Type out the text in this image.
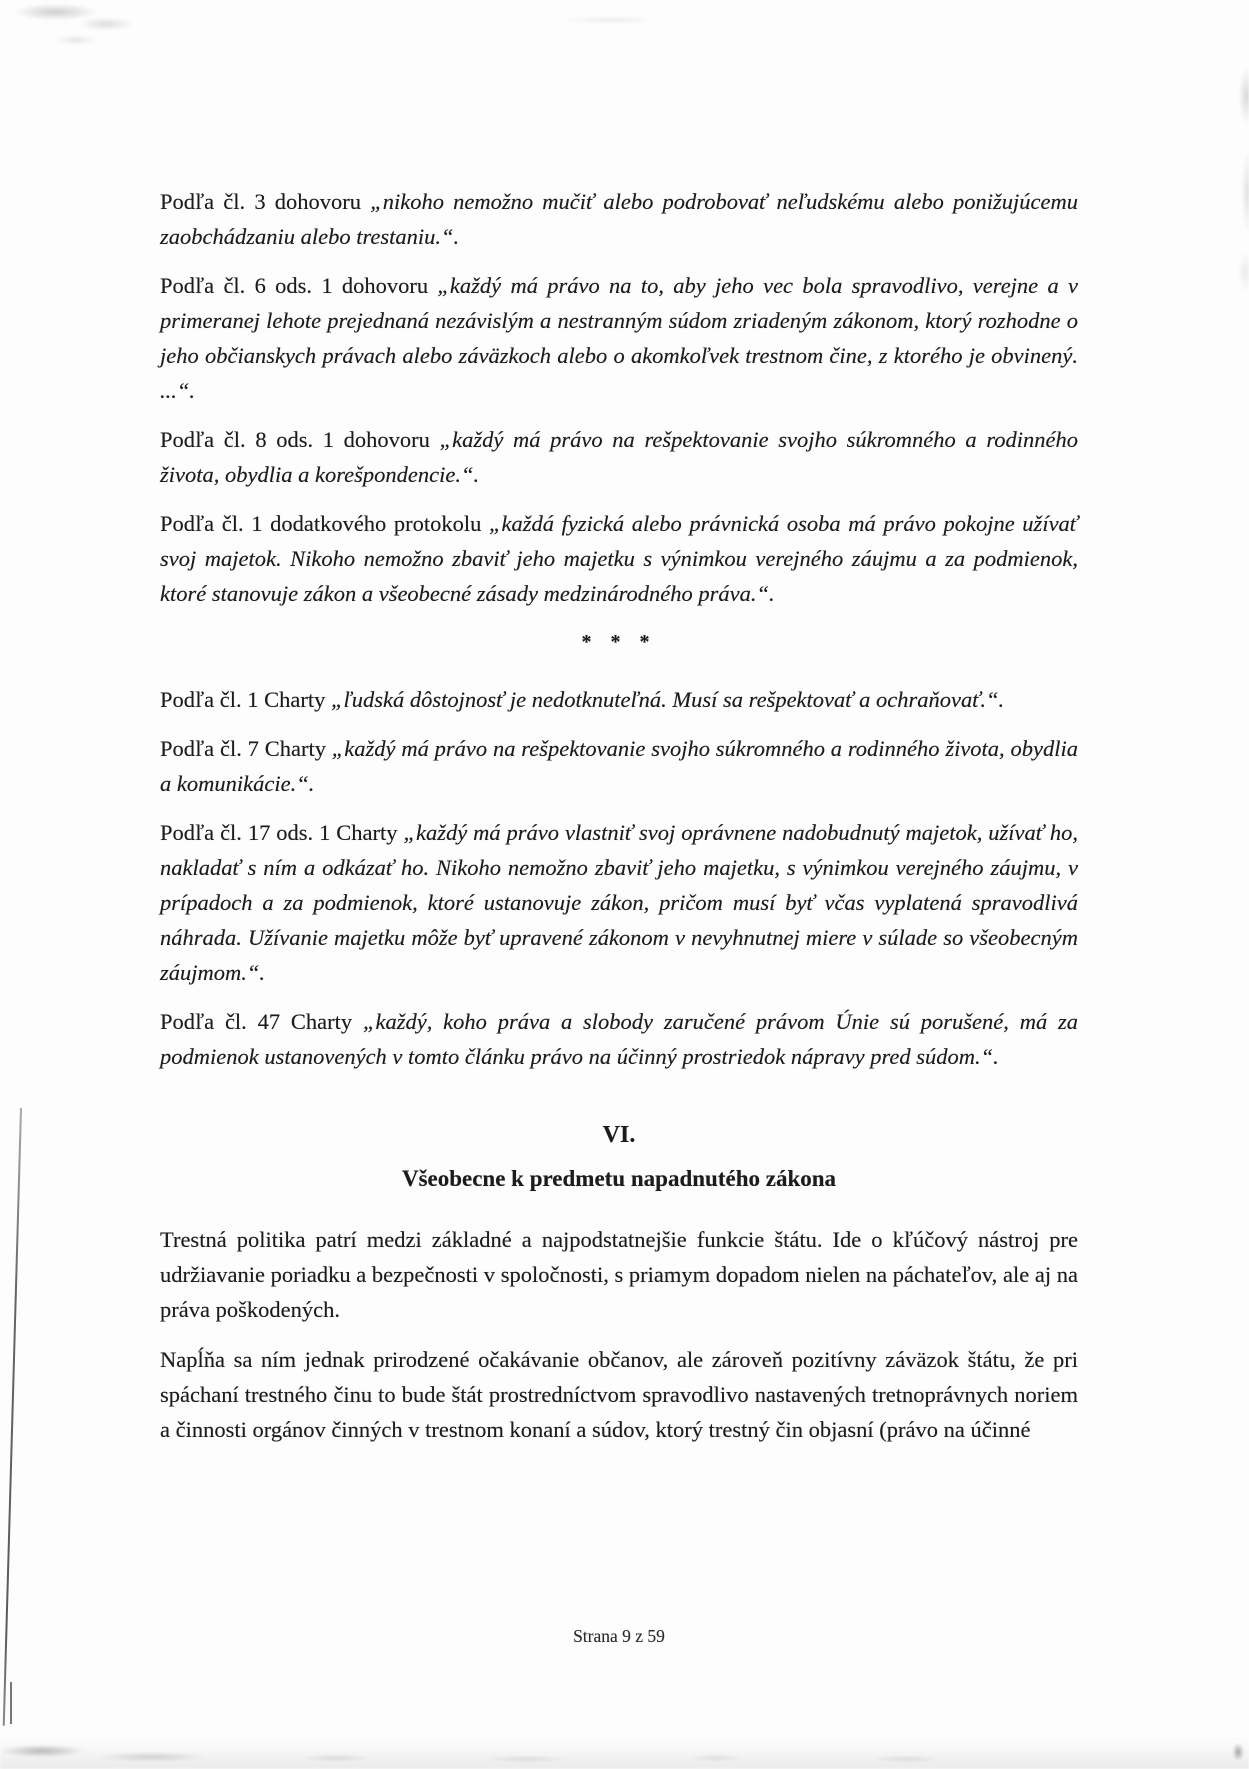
Podľa čl. 3 dohovoru „nikoho nemožno mučiť alebo podrobovať neľudskému alebo ponižujúcemu zaobchádzaniu alebo trestaniu.“.

Podľa čl. 6 ods. 1 dohovoru „každý má právo na to, aby jeho vec bola spravodlivo, verejne a v primeranej lehote prejednaná nezávislým a nestranným súdom zriadeným zákonom, ktorý rozhodne o jeho občianskych právach alebo záväzkoch alebo o akomkoľvek trestnom čine, z ktorého je obvinený. ...“.

Podľa čl. 8 ods. 1 dohovoru „každý má právo na rešpektovanie svojho súkromného a rodinného života, obydlia a korešpondencie.“.

Podľa čl. 1 dodatkového protokolu „každá fyzická alebo právnická osoba má právo pokojne užívať svoj majetok. Nikoho nemožno zbaviť jeho majetku s výnimkou verejného záujmu a za podmienok, ktoré stanovuje zákon a všeobecné zásady medzinárodného práva.“.

* * *

Podľa čl. 1 Charty „ľudská dôstojnosť je nedotknuteľná. Musí sa rešpektovať a ochraňovať.“.

Podľa čl. 7 Charty „každý má právo na rešpektovanie svojho súkromného a rodinného života, obydlia a komunikácie.“.

Podľa čl. 17 ods. 1 Charty „každý má právo vlastniť svoj oprávnene nadobudnutý majetok, užívať ho, nakladať s ním a odkázať ho. Nikoho nemožno zbaviť jeho majetku, s výnimkou verejného záujmu, v prípadoch a za podmienok, ktoré ustanovuje zákon, pričom musí byť včas vyplatená spravodlivá náhrada. Užívanie majetku môže byť upravené zákonom v nevyhnutnej miere v súlade so všeobecným záujmom.“.

Podľa čl. 47 Charty „každý, koho práva a slobody zaručené právom Únie sú porušené, má za podmienok ustanovených v tomto článku právo na účinný prostriedok nápravy pred súdom.“.

VI.
Všeobecne k predmetu napadnutého zákona

Trestná politika patrí medzi základné a najpodstatnejšie funkcie štátu. Ide o kľúčový nástroj pre udržiavanie poriadku a bezpečnosti v spoločnosti, s priamym dopadom nielen na páchateľov, ale aj na práva poškodených.

Napĺňa sa ním jednak prirodzené očakávanie občanov, ale zároveň pozitívny záväzok štátu, že pri spáchaní trestného činu to bude štát prostredníctvom spravodlivo nastavených tretnoprávnych noriem a činnosti orgánov činných v trestnom konaní a súdov, ktorý trestný čin objasní (právo na účinné

Strana 9 z 59
